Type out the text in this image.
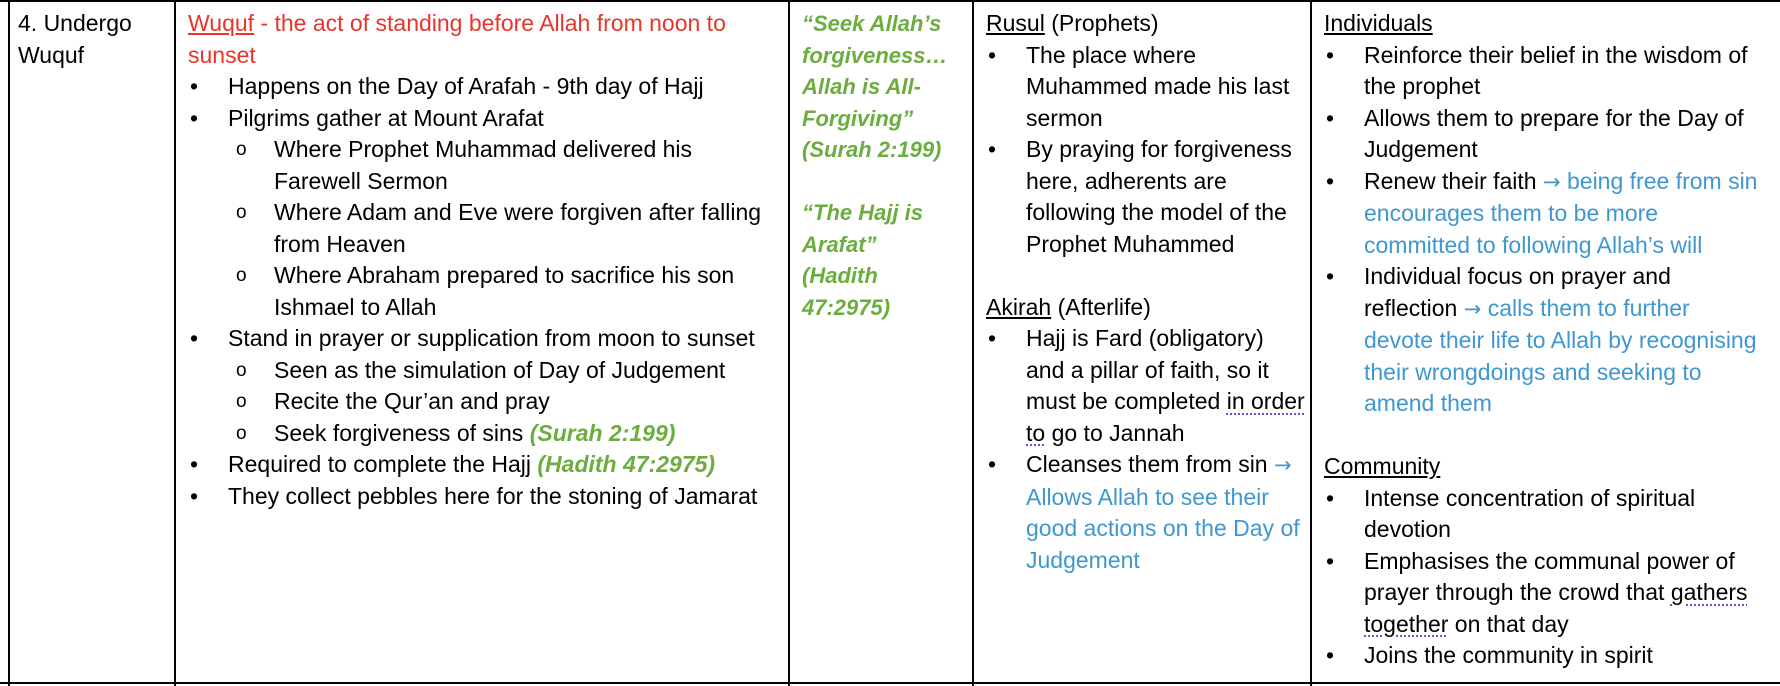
4. Undergo Wuquf
Wuquf - the act of standing before Allah from noon to sunset
• Happens on the Day of Arafah - 9th day of Hajj
• Pilgrims gather at Mount Arafat
o Where Prophet Muhammad delivered his Farewell Sermon
o Where Adam and Eve were forgiven after falling from Heaven
o Where Abraham prepared to sacrifice his son Ishmael to Allah
• Stand in prayer or supplication from moon to sunset
o Seen as the simulation of Day of Judgement
o Recite the Qur’an and pray
o Seek forgiveness of sins (Surah 2:199)
• Required to complete the Hajj (Hadith 47:2975)
• They collect pebbles here for the stoning of Jamarat
“Seek Allah’s forgiveness… Allah is All-Forgiving”
(Surah 2:199)
“The Hajj is Arafat”
(Hadith 47:2975)
Rusul (Prophets)
• The place where Muhammed made his last sermon
• By praying for forgiveness here, adherents are following the model of the Prophet Muhammed
Akirah (Afterlife)
• Hajj is Fard (obligatory) and a pillar of faith, so it must be completed in order to go to Jannah
• Cleanses them from sin → Allows Allah to see their good actions on the Day of Judgement
Individuals
• Reinforce their belief in the wisdom of the prophet
• Allows them to prepare for the Day of Judgement
• Renew their faith → being free from sin encourages them to be more committed to following Allah’s will
• Individual focus on prayer and reflection → calls them to further devote their life to Allah by recognising their wrongdoings and seeking to amend them
Community
• Intense concentration of spiritual devotion
• Emphasises the communal power of prayer through the crowd that gathers together on that day
• Joins the community in spirit
